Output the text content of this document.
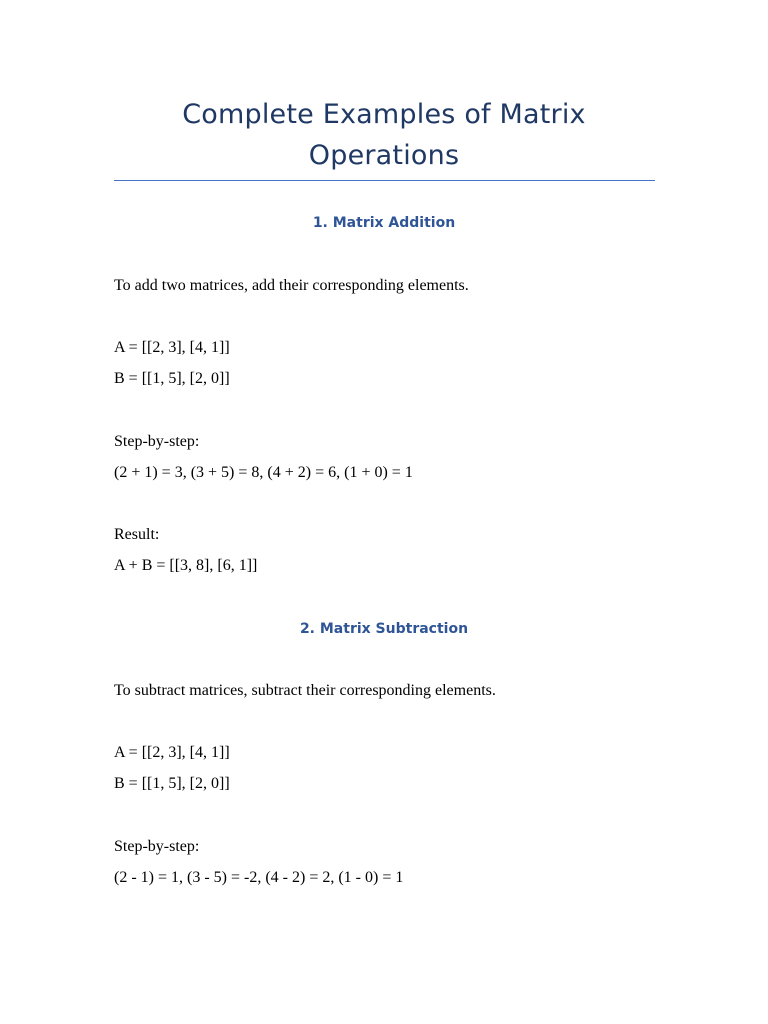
Complete Examples of Matrix Operations
1. Matrix Addition

To add two matrices, add their corresponding elements.

A = [[2, 3], [4, 1]]

B = [[1, 5], [2, 0]]

Step-by-step:

(2 + 1) = 3, (3 + 5) = 8, (4 + 2) = 6, (1 + 0) = 1

Result:

A + B = [[3, 8], [6, 1]]

2. Matrix Subtraction

To subtract matrices, subtract their corresponding elements.

A = [[2, 3], [4, 1]]

B = [[1, 5], [2, 0]]

Step-by-step:

(2 - 1) = 1, (3 - 5) = -2, (4 - 2) = 2, (1 - 0) = 1
